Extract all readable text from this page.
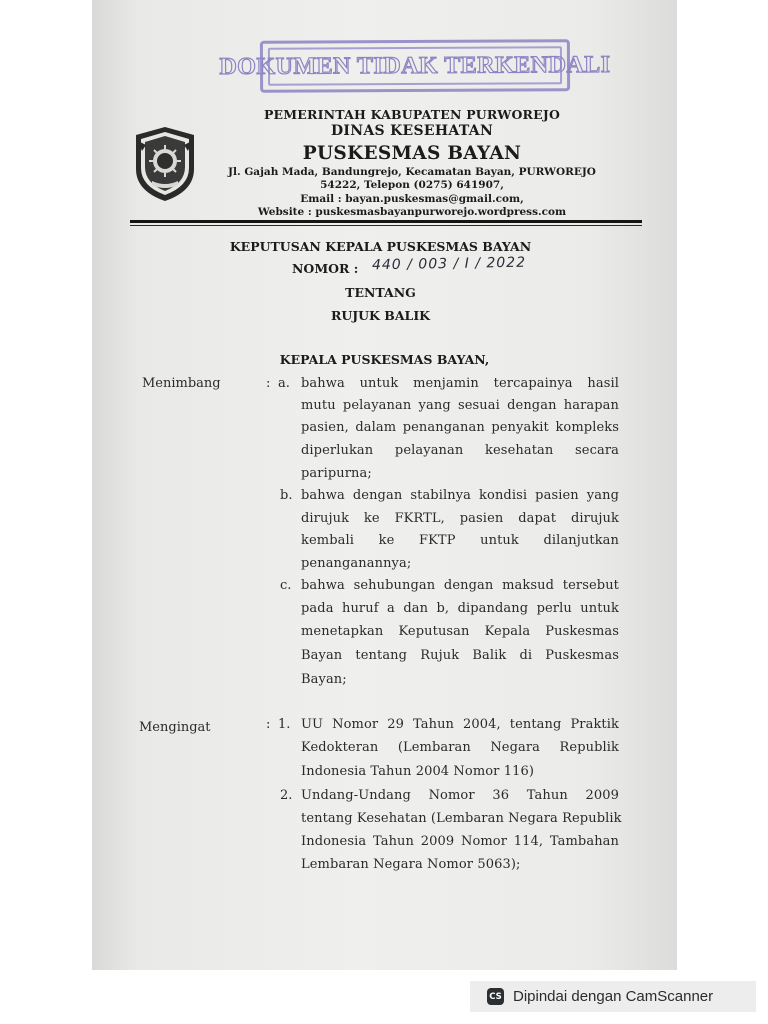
DOKUMEN TIDAK TERKENDALI
PEMERINTAH KABUPATEN PURWOREJO
DINAS KESEHATAN
PUSKESMAS BAYAN
Jl. Gajah Mada, Bandungrejo, Kecamatan Bayan, PURWOREJO
54222, Telepon (0275) 641907,
Email : bayan.puskesmas@gmail.com,
Website : puskesmasbayanpurworejo.wordpress.com
KEPUTUSAN KEPALA PUSKESMAS BAYAN
NOMOR : 440 / 003 / I / 2022
TENTANG
RUJUK BALIK
KEPALA PUSKESMAS BAYAN,
Menimbang	: a. bahwa untuk menjamin tercapainya hasil
mutu pelayanan yang sesuai dengan harapan
pasien, dalam penanganan penyakit kompleks
diperlukan pelayanan kesehatan secara
paripurna;
b. bahwa dengan stabilnya kondisi pasien yang
dirujuk ke FKRTL, pasien dapat dirujuk
kembali ke FKTP untuk dilanjutkan
penanganannya;
c. bahwa sehubungan dengan maksud tersebut
pada huruf a dan b, dipandang perlu untuk
menetapkan Keputusan Kepala Puskesmas
Bayan tentang Rujuk Balik di Puskesmas
Bayan;
Mengingat	: 1. UU Nomor 29 Tahun 2004, tentang Praktik
Kedokteran (Lembaran Negara Republik
Indonesia Tahun 2004 Nomor 116)
2. Undang-Undang Nomor 36 Tahun 2009
tentang Kesehatan (Lembaran Negara Republik
Indonesia Tahun 2009 Nomor 114, Tambahan
Lembaran Negara Nomor 5063);
CS Dipindai dengan CamScanner
